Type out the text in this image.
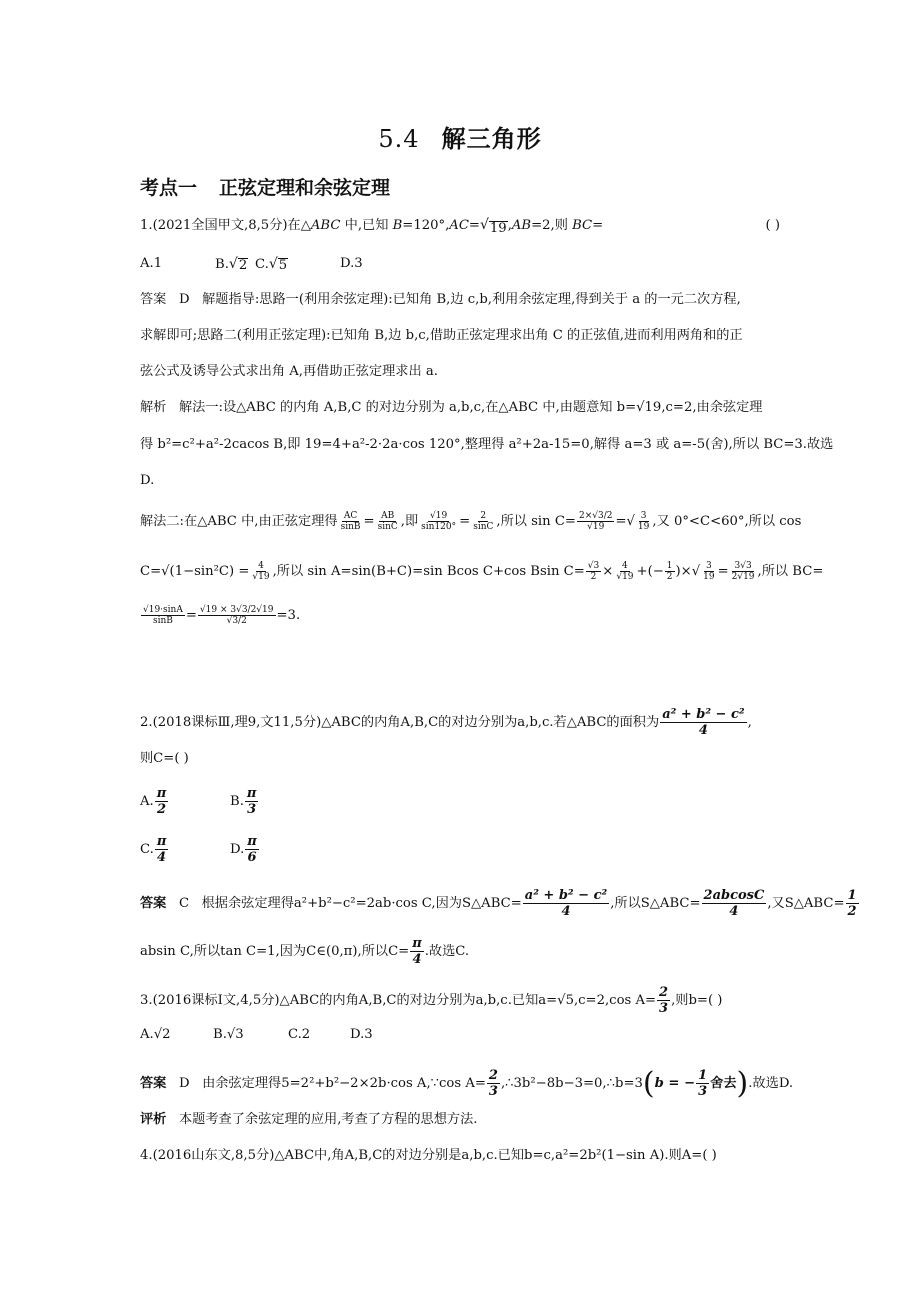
5.4 解三角形
考点一 正弦定理和余弦定理
1.(2021全国甲文,8,5分)在△ABC 中,已知 B=120°,AC= √ 19 ,AB=2,则 BC=	( )
A.1	B. √ 2 C. √ 5	D.3
答案 D 解题指导:思路一(利用余弦定理):已知角 B,边 c,b,利用余弦定理,得到关于 a 的一元二次方程,
求解即可;思路二(利用正弦定理):已知角 B,边 b,c,借助正弦定理求出角 C 的正弦值,进而利用两角和的正
弦公式及诱导公式求出角 A,再借助正弦定理求出 a.
解析 解法一:设△ABC 的内角 A,B,C 的对边分别为 a,b,c,在△ABC 中,由题意知 b=√19,c=2,由余弦定理
得 b²=c²+a²-2cacos B,即 19=4+a²-2·2a·cos 120°,整理得 a²+2a-15=0,解得 a=3 或 a=-5(舍),所以 BC=3.故选
D.
解法二:在△ABC 中,由正弦定理得 $\frac{AC}{\sin B} = \frac{AB}{\sin C}$ ,即 $\frac{√19}{\sin 120^\circ} = \frac{2}{\sin C}$ ,所以 $\sin C= \frac{2\times√3/2}{√19}$ =√ $\frac{3}{19}$ ,又 0°<C<60°,所以 cos
$C=√(1-\sin^2C) = \frac{4}{√19}$ ,所以 sin A=sin(B+C)=sin Bcos C+cos Bsin $C= \frac{√3}{2} \times \frac{4}{√19}$ +(− $\frac{1}{2}$ )×√ $\frac{3}{19} = \frac{3√3}{2√19}$ ,所以 BC=
$\frac{√19\cdot\sin A}{\sin B} = \frac{√19 \times 3√3/2√19}{√3/2} =3$.
2.(2018课标Ⅲ,理9,文11,5分)△ABC的内角A,B,C的对边分别为a,b,c.若△ABC的面积为 $\frac{\text{a² + b² − c²}}{4}$ ,
则C=( )
A. $\frac{\pi}{2}$	B. $\frac{\pi}{3}$
C. $\frac{\pi}{4}$	D. $\frac{\pi}{6}$
答案 C 根据余弦定理得a²+b²−c²=2ab·cos C,因为S△ABC= $\frac{\text{a² + b² − c²}}{4}$ ,所以S△ABC= $\frac{2abcosC}{4}$ ,又S△ABC= $\frac{1}{2}$
absin C,所以tan C=1,因为C∈(0,π),所以$C= \frac{\pi}{4}$ .故选C.
3.(2016课标Ⅰ文,4,5分)△ABC的内角A,B,C的对边分别为a,b,c.已知a=√5,c=2,cos $A= \frac{2}{3}$ ,则b=( )
A.√2	B.√3	C.2	D.3
答案 D 由余弦定理得5=2²+b²−2×2b·cos A,∵cos $A= \frac{2}{3}$ ,∴3b²−8b−3=0,∴b=3(b = − $\frac{1}{3}$ 舍去).故选D.
评析 本题考查了余弦定理的应用,考查了方程的思想方法.
4.(2016山东文,8,5分)△ABC中,角A,B,C的对边分别是a,b,c.已知b=c,a²=2b²(1−sin A).则A=( )
